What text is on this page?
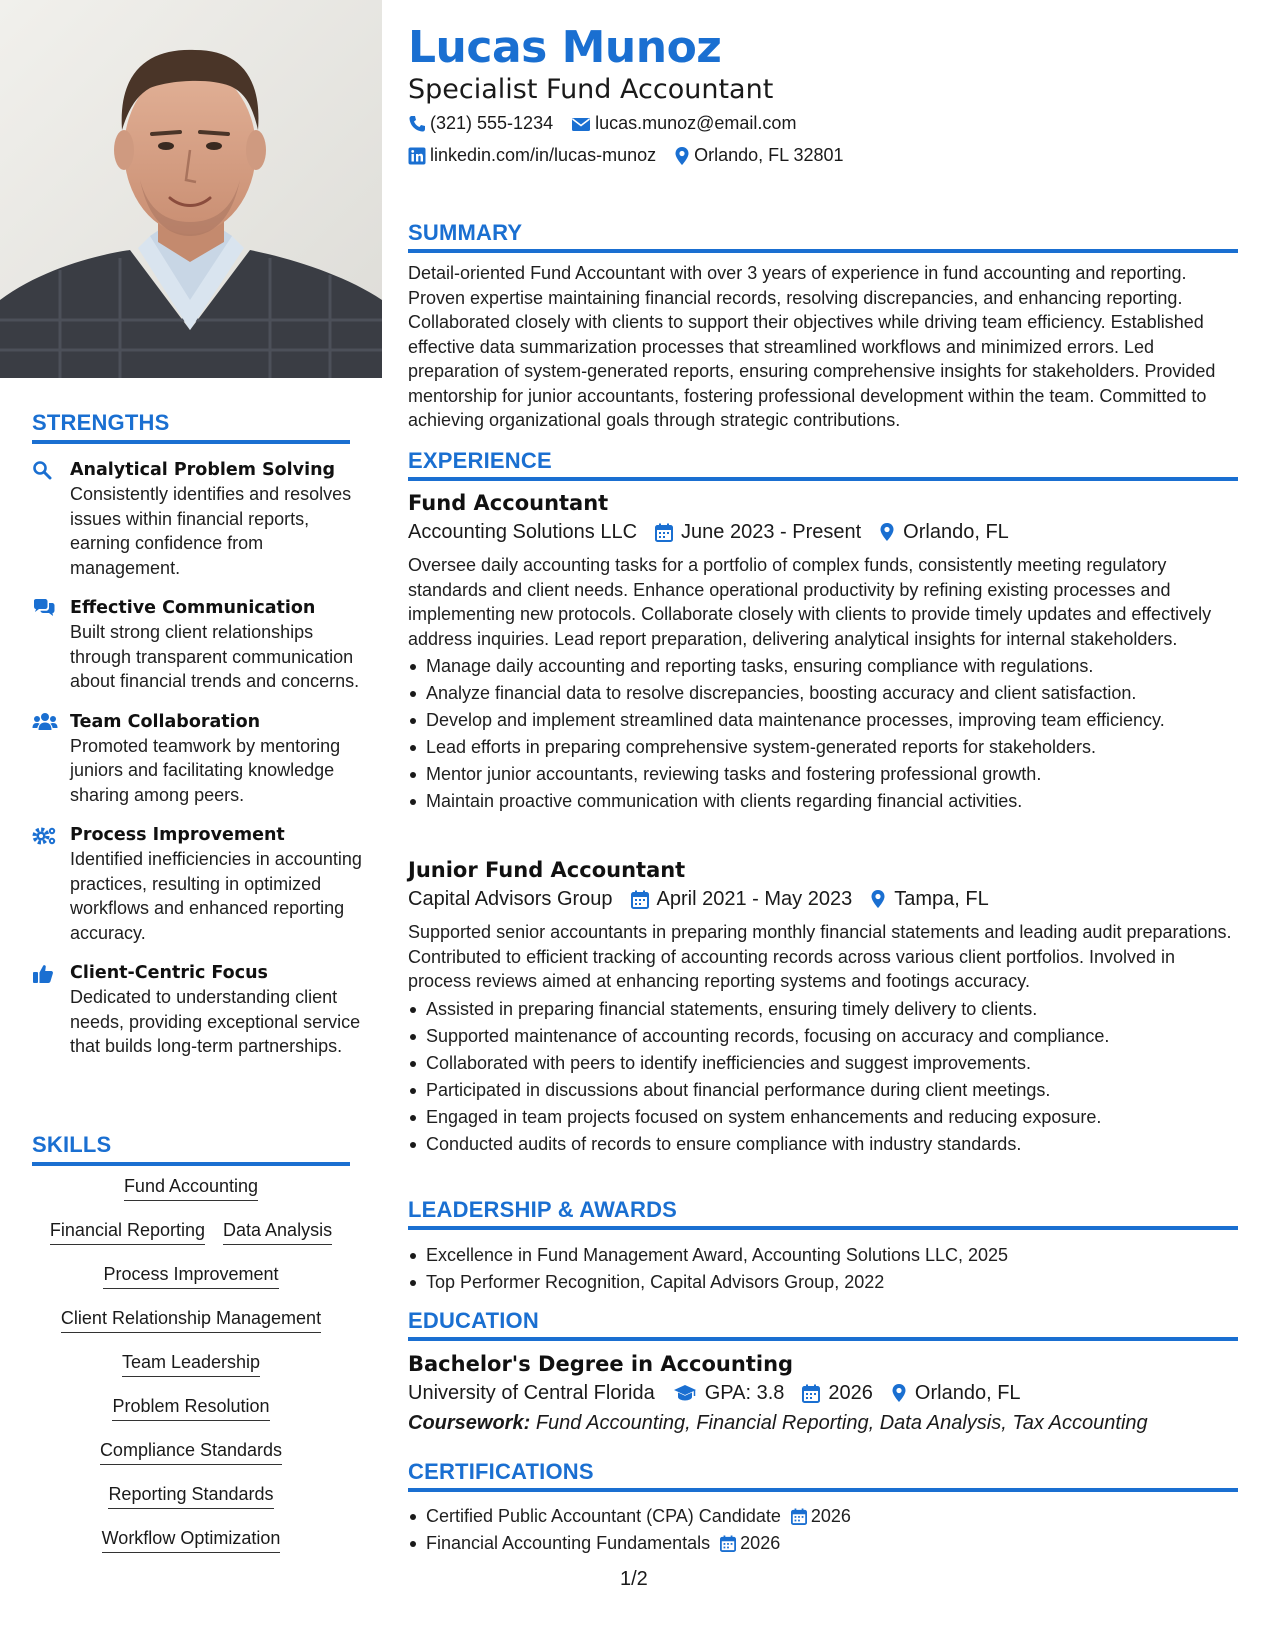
STRENGTHS
Analytical Problem Solving
Consistently identifies and resolves issues within financial reports, earning confidence from management.
Effective Communication
Built strong client relationships through transparent communication about financial trends and concerns.
Team Collaboration
Promoted teamwork by mentoring juniors and facilitating knowledge sharing among peers.
Process Improvement
Identified inefficiencies in accounting practices, resulting in optimized workflows and enhanced reporting accuracy.
Client-Centric Focus
Dedicated to understanding client needs, providing exceptional service that builds long-term partnerships.
SKILLS
Fund Accounting
Financial Reporting Data Analysis
Process Improvement
Client Relationship Management
Team Leadership
Problem Resolution
Compliance Standards
Reporting Standards
Workflow Optimization
Lucas Munoz
Specialist Fund Accountant
(321) 555-1234 lucas.munoz@email.com
linkedin.com/in/lucas-munoz Orlando, FL 32801
SUMMARY
Detail-oriented Fund Accountant with over 3 years of experience in fund accounting and reporting. Proven expertise maintaining financial records, resolving discrepancies, and enhancing reporting. Collaborated closely with clients to support their objectives while driving team efficiency. Established effective data summarization processes that streamlined workflows and minimized errors. Led preparation of system-generated reports, ensuring comprehensive insights for stakeholders. Provided mentorship for junior accountants, fostering professional development within the team. Committed to achieving organizational goals through strategic contributions.
EXPERIENCE
Fund Accountant
Accounting Solutions LLC June 2023 - Present Orlando, FL
Oversee daily accounting tasks for a portfolio of complex funds, consistently meeting regulatory standards and client needs. Enhance operational productivity by refining existing processes and implementing new protocols. Collaborate closely with clients to provide timely updates and effectively address inquiries. Lead report preparation, delivering analytical insights for internal stakeholders.
Manage daily accounting and reporting tasks, ensuring compliance with regulations.
Analyze financial data to resolve discrepancies, boosting accuracy and client satisfaction.
Develop and implement streamlined data maintenance processes, improving team efficiency.
Lead efforts in preparing comprehensive system-generated reports for stakeholders.
Mentor junior accountants, reviewing tasks and fostering professional growth.
Maintain proactive communication with clients regarding financial activities.
Junior Fund Accountant
Capital Advisors Group April 2021 - May 2023 Tampa, FL
Supported senior accountants in preparing monthly financial statements and leading audit preparations. Contributed to efficient tracking of accounting records across various client portfolios. Involved in process reviews aimed at enhancing reporting systems and footings accuracy.
Assisted in preparing financial statements, ensuring timely delivery to clients.
Supported maintenance of accounting records, focusing on accuracy and compliance.
Collaborated with peers to identify inefficiencies and suggest improvements.
Participated in discussions about financial performance during client meetings.
Engaged in team projects focused on system enhancements and reducing exposure.
Conducted audits of records to ensure compliance with industry standards.
LEADERSHIP & AWARDS
Excellence in Fund Management Award, Accounting Solutions LLC, 2025
Top Performer Recognition, Capital Advisors Group, 2022
EDUCATION
Bachelor's Degree in Accounting
University of Central Florida	GPA: 3.8 2026 Orlando, FL
Coursework: Fund Accounting, Financial Reporting, Data Analysis, Tax Accounting
CERTIFICATIONS
Certified Public Accountant (CPA) Candidate 2026
Financial Accounting Fundamentals 2026
1/2
